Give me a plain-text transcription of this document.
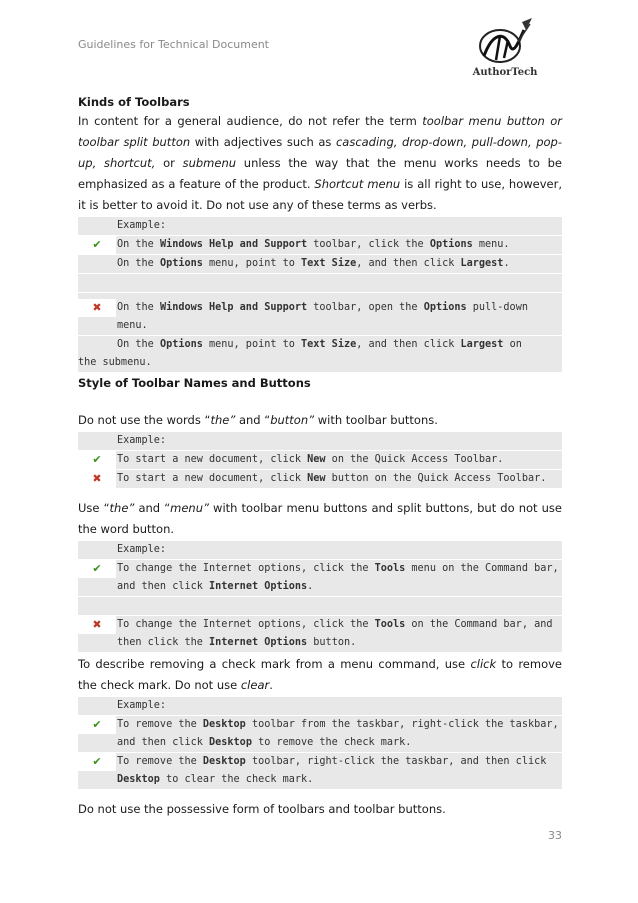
Guidelines for Technical Document
AuthorTech

Kinds of Toolbars

In content for a general audience, do not refer the term toolbar menu button or toolbar split button with adjectives such as cascading, drop-down, pull-down, pop-up, shortcut, or submenu unless the way that the menu works needs to be emphasized as a feature of the product. Shortcut menu is all right to use, however, it is better to avoid it. Do not use any of these terms as verbs.

Example:
✔	On the Windows Help and Support toolbar, click the Options menu.
On the Options menu, point to Text Size, and then click Largest.
✖	On the Windows Help and Support toolbar, open the Options pull-down menu.
On the Options menu, point to Text Size, and then click Largest on
the submenu.

Style of Toolbar Names and Buttons

Do not use the words “the” and “button” with toolbar buttons.

Example:
✔	To start a new document, click New on the Quick Access Toolbar.
✖	To start a new document, click New button on the Quick Access Toolbar.

Use “the” and “menu” with toolbar menu buttons and split buttons, but do not use the word button.

Example:
✔	To change the Internet options, click the Tools menu on the Command bar, and then click Internet Options.
✖	To change the Internet options, click the Tools on the Command bar, and then click the Internet Options button.

To describe removing a check mark from a menu command, use click to remove the check mark. Do not use clear.

Example:
✔	To remove the Desktop toolbar from the taskbar, right-click the taskbar, and then click Desktop to remove the check mark.
✔	To remove the Desktop toolbar, right-click the taskbar, and then click Desktop to clear the check mark.

Do not use the possessive form of toolbars and toolbar buttons.

33
